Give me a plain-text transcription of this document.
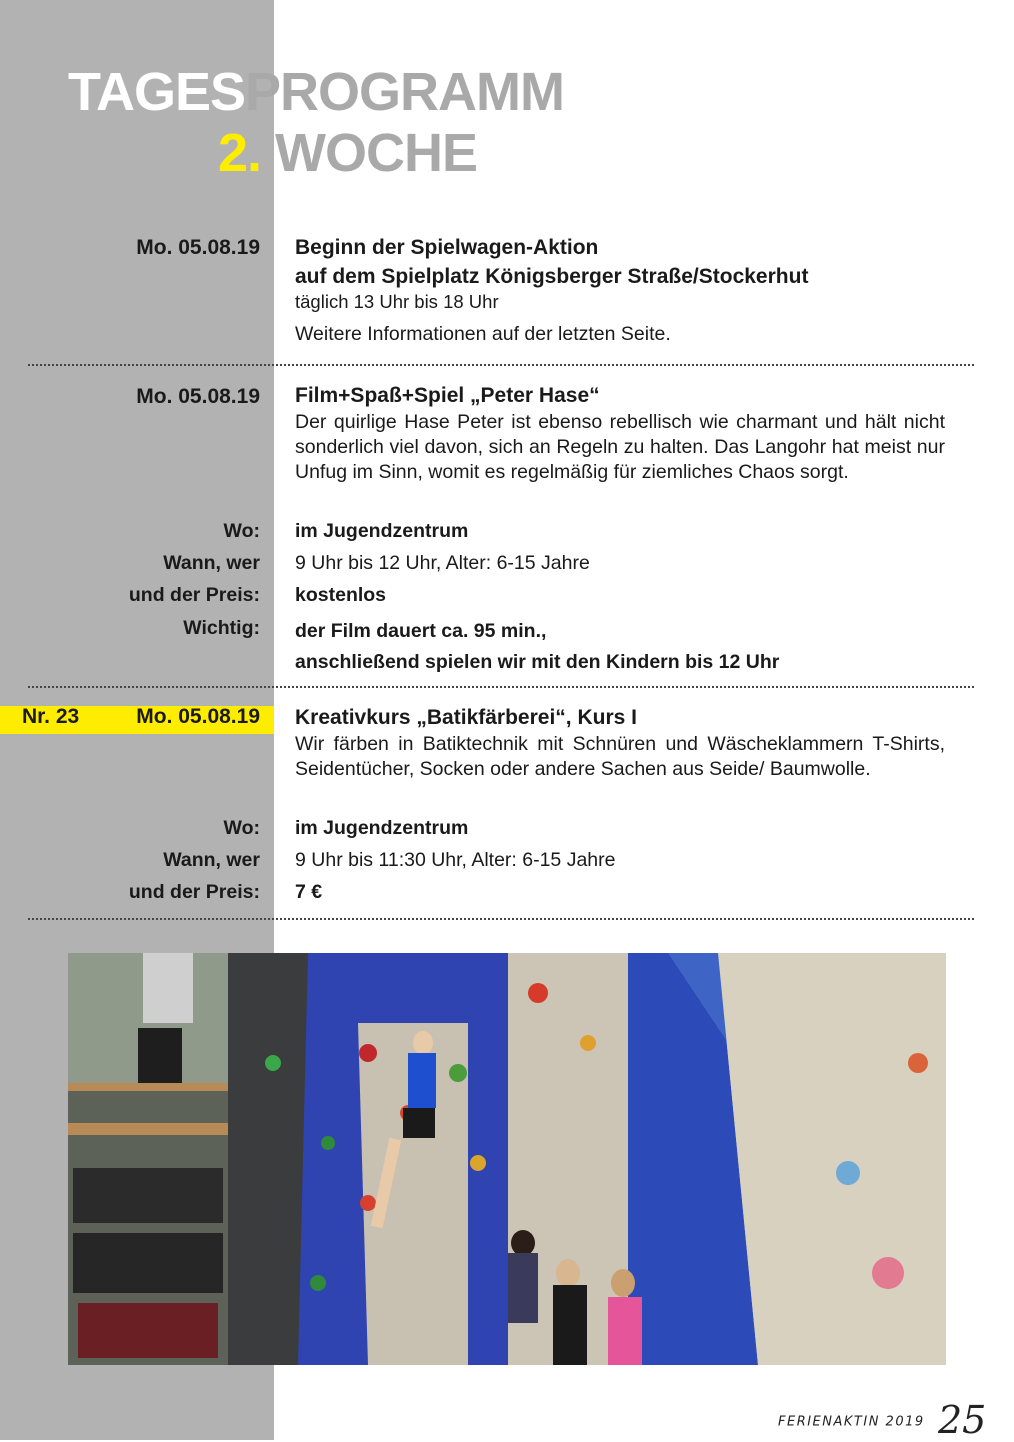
TAGESPROGRAMM
2. WOCHE
Mo. 05.08.19 Beginn der Spielwagen-Aktion
auf dem Spielplatz Königsberger Straße/Stockerhut
täglich 13 Uhr bis 18 Uhr
Weitere Informationen auf der letzten Seite.
Mo. 05.08.19 Film+Spaß+Spiel „Peter Hase“
Der quirlige Hase Peter ist ebenso rebellisch wie charmant und hält nicht sonderlich viel davon, sich an Regeln zu halten. Das Langohr hat meist nur Unfug im Sinn, womit es regelmäßig für ziemliches Chaos sorgt.
Wo: im Jugendzentrum
Wann, wer 9 Uhr bis 12 Uhr, Alter: 6-15 Jahre
und der Preis: kostenlos
Wichtig: der Film dauert ca. 95 min.,
anschließend spielen wir mit den Kindern bis 12 Uhr
Nr. 23	Mo. 05.08.19 Kreativkurs „Batikfärberei“, Kurs I
Wir färben in Batiktechnik mit Schnüren und Wäscheklammern T-Shirts, Seidentücher, Socken oder andere Sachen aus Seide/ Baumwolle.
Wo: im Jugendzentrum
Wann, wer 9 Uhr bis 11:30 Uhr, Alter: 6-15 Jahre
und der Preis: 7 €
FERIENAKTIN 2019 25
